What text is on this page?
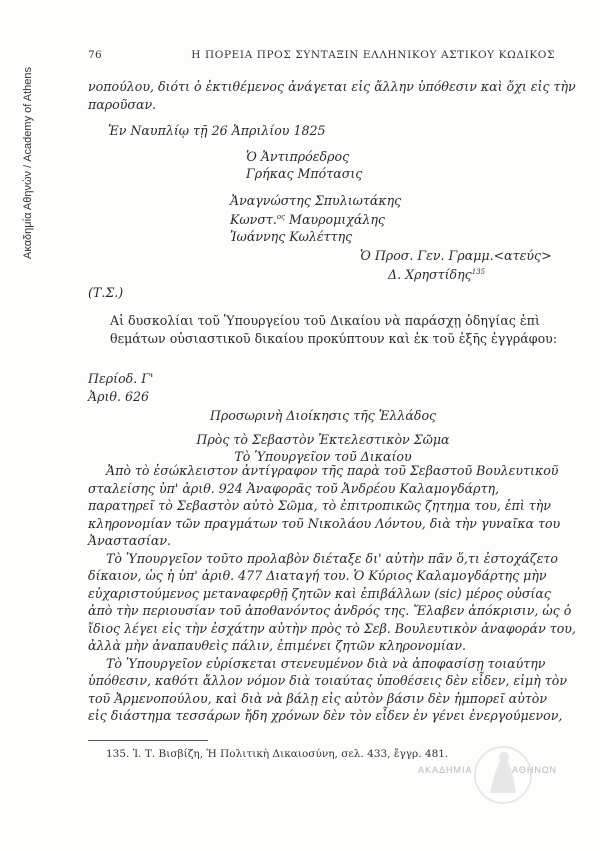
Ακαδημία Αθηνών / Academy of Athens
76	Η ΠΟΡΕΙΑ ΠΡΟΣ ΣΥΝΤΑΞΙΝ ΕΛΛΗΝΙΚΟΥ ΑΣΤΙΚΟΥ ΚΩΔΙΚΟΣ
νοπούλου, διότι ὁ ἐκτιθέμενος ἀνάγεται εἰς ἄλλην ὑπόθεσιν καὶ ὄχι εἰς τὴν
παροῦσαν.
Ἐν Ναυπλίῳ τῇ 26 Ἀπριλίου 1825
Ὁ Ἀντιπρόεδρος
Γρήκας Μπότασις
Ἀναγνώστης Σπυλιωτάκης
Κωνστ.$^{o\varsigma}$ Μαυρομιχάλης
Ἰωάννης Κωλέττης
Ὁ Προσ. Γεν. Γραμμ.<ατεύς>
Δ. Χρηστίδης$^{135}$
(Τ.Σ.)
Αἱ δυσκολίαι τοῦ Ὑπουργείου τοῦ Δικαίου νὰ παράσχῃ ὁδηγίας ἐπὶ
θεμάτων οὐσιαστικοῦ δικαίου προκύπτουν καὶ ἐκ τοῦ ἑξῆς ἐγγράφου:
Περίοδ. Γ'
Ἀριθ. 626
Προσωρινὴ Διοίκησις τῆς Ἑλλάδος
Πρὸς τὸ Σεβαστὸν Ἐκτελεστικὸν Σῶμα
Τὸ Ὑπουργεῖον τοῦ Δικαίου
Ἀπὸ τὸ ἐσώκλειστον ἀντίγραφον τῆς παρὰ τοῦ Σεβαστοῦ Βουλευτικοῦ
σταλείσης ὑπ' ἀριθ. 924 Ἀναφορᾶς τοῦ Ἀνδρέου Καλαμογδάρτη,
παρατηρεῖ τὸ Σεβαστὸν αὐτὸ Σῶμα, τὸ ἐπιτροπικῶς ζητημα του, ἐπὶ τὴν
κληρονομίαν τῶν πραγμάτων τοῦ Νικολάου Λόντου, διὰ τὴν γυναῖκα του
Ἀναστασίαν.
Τὸ Ὑπουργεῖον τοῦτο προλαβὸν διέταξε δι' αὐτὴν πᾶν ὅ,τι ἐστοχάζετο
δίκαιον, ὡς ἡ ὑπ' ἀριθ. 477 Διαταγή του. Ὁ Κύριος Καλαμογδάρτης μὴν
εὐχαριστούμενος μεταναφερθῇ ζητῶν καὶ ἐπιβάλλων (sic) μέρος οὐσίας
ἀπὸ τὴν περιουσίαν τοῦ ἀποθανόντος ἀνδρός της. Ἔλαβεν ἀπόκρισιν, ὡς ὁ
ἴδιος λέγει εἰς τὴν ἐσχάτην αὐτὴν πρὸς τὸ Σεβ. Βουλευτικὸν ἀναφοράν του,
ἀλλὰ μὴν ἀναπαυθεὶς πάλιν, ἐπιμένει ζητῶν κληρονομίαν.
Τὸ Ὑπουργεῖον εὑρίσκεται στενευμένον διὰ νὰ ἀποφασίσῃ τοιαύτην
ὑπόθεσιν, καθότι ἄλλον νόμον διὰ τοιαύτας ὑποθέσεις δὲν εἶδεν, εἰμὴ τὸν
τοῦ Ἀρμενοπούλου, καὶ διὰ νὰ βάλῃ εἰς αὐτὸν βάσιν δὲν ἠμπορεῖ αὐτὸν
εἰς διάστημα τεσσάρων ἤδη χρόνων δὲν τὸν εἶδεν ἐν γένει ἐνεργούμενον,
135. Ἰ. Τ. Βισβίζη, Ἡ Πολιτικὴ Δικαιοσύνη, σελ. 433, ἔγγρ. 481.
ΑΚΑΔΗΜΙΑ	ΑΘΗΝΩΝ
